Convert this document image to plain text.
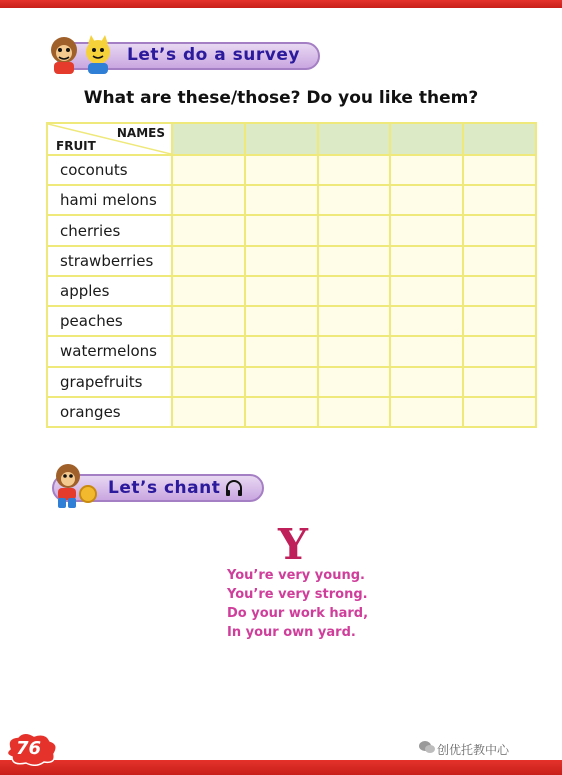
Let’s do a survey
What are these/those? Do you like them?
NAMES
FRUIT					

coconuts					
hami melons					
cherries					
strawberries					
apples					
peaches					
watermelons					
grapefruits					
oranges					
Let’s chant
Y
You’re very young.
You’re very strong.
Do your work hard,
In your own yard.
76	创优托教中心
